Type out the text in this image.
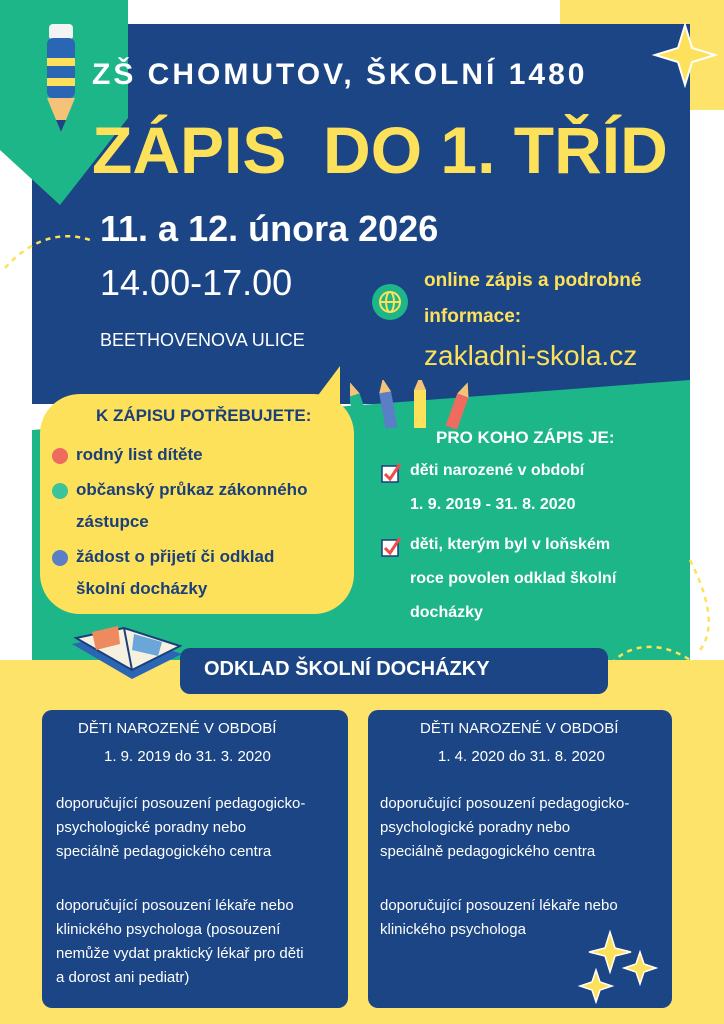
ZŠ CHOMUTOV, ŠKOLNÍ 1480
ZÁPIS  DO 1. TŘÍD
11. a 12. února 2026
14.00-17.00
BEETHOVENOVA ULICE
online zápis a podrobné
informace:
zakladni-skola.cz
K ZÁPISU POTŘEBUJETE:
rodný list dítěte
občanský průkaz zákonného
zástupce
žádost o přijetí či odklad
školní docházky
PRO KOHO ZÁPIS JE:
děti narozené v období
1. 9. 2019 - 31. 8. 2020
děti, kterým byl v loňském
roce povolen odklad školní
docházky
ODKLAD ŠKOLNÍ DOCHÁZKY
DĚTI NAROZENÉ V OBDOBÍ
1. 9. 2019 do 31. 3. 2020
doporučující posouzení pedagogicko-
psychologické poradny nebo
speciálně pedagogického centra
doporučující posouzení lékaře nebo
klinického psychologa (posouzení
nemůže vydat praktický lékař pro děti
a dorost ani pediatr)
DĚTI NAROZENÉ V OBDOBÍ
1. 4. 2020 do 31. 8. 2020
doporučující posouzení pedagogicko-
psychologické poradny nebo
speciálně pedagogického centra
doporučující posouzení lékaře nebo
klinického psychologa
